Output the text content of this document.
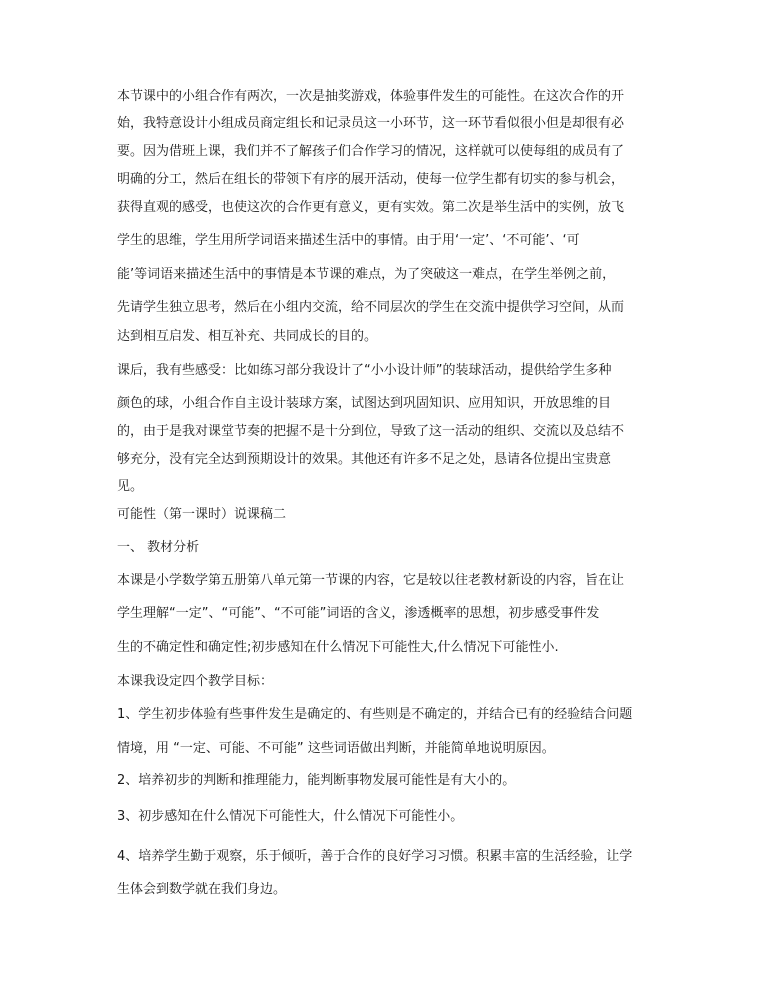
本节课中的小组合作有两次，一次是抽奖游戏，体验事件发生的可能性。在这次合作的开
始，我特意设计小组成员商定组长和记录员这一小环节，这一环节看似很小但是却很有必
要。因为借班上课，我们并不了解孩子们合作学习的情况，这样就可以使每组的成员有了
明确的分工，然后在组长的带领下有序的展开活动，使每一位学生都有切实的参与机会，
获得直观的感受，也使这次的合作更有意义，更有实效。第二次是举生活中的实例，放飞
学生的思维，学生用所学词语来描述生活中的事情。由于用‘一定’、‘不可能’、‘可
能’等词语来描述生活中的事情是本节课的难点，为了突破这一难点，在学生举例之前，
先请学生独立思考，然后在小组内交流，给不同层次的学生在交流中提供学习空间，从而
达到相互启发、相互补充、共同成长的目的。
课后，我有些感受：比如练习部分我设计了“小小设计师”的装球活动，提供给学生多种
颜色的球，小组合作自主设计装球方案，试图达到巩固知识、应用知识，开放思维的目
的，由于是我对课堂节奏的把握不是十分到位，导致了这一活动的组织、交流以及总结不
够充分，没有完全达到预期设计的效果。其他还有许多不足之处，恳请各位提出宝贵意
见。
可能性（第一课时）说课稿二
一、 教材分析
本课是小学数学第五册第八单元第一节课的内容，它是较以往老教材新设的内容，旨在让
学生理解“一定”、“可能”、“不可能”词语的含义，渗透概率的思想，初步感受事件发
生的不确定性和确定性;初步感知在什么情况下可能性大,什么情况下可能性小.
本课我设定四个教学目标：
1、学生初步体验有些事件发生是确定的、有些则是不确定的，并结合已有的经验结合问题
情境，用 “一定、可能、不可能” 这些词语做出判断，并能简单地说明原因。
2、培养初步的判断和推理能力，能判断事物发展可能性是有大小的。
3、初步感知在什么情况下可能性大，什么情况下可能性小。
4、培养学生勤于观察，乐于倾听，善于合作的良好学习习惯。积累丰富的生活经验，让学
生体会到数学就在我们身边。
